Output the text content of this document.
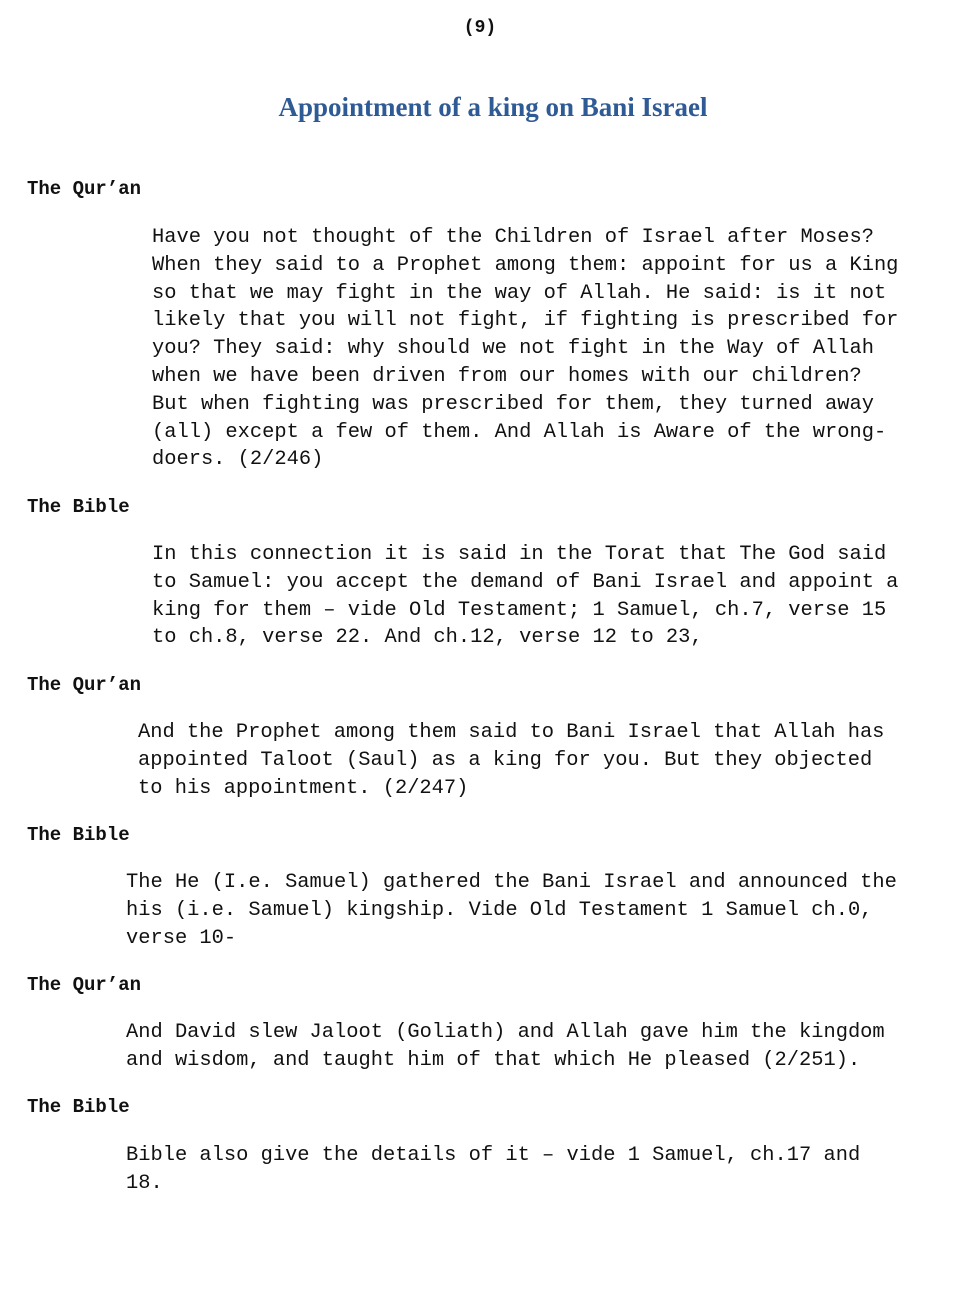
(9)
Appointment of a king on Bani Israel
The Qur’an
Have you not thought of the Children of Israel after Moses?
When they said to a Prophet among them: appoint for us a King
so that we may fight in the way of Allah. He said: is it not
likely that you will not fight, if fighting is prescribed for
you? They said: why should we not fight in the Way of Allah
when we have been driven from our homes with our children?
But when fighting was prescribed for them, they turned away
(all) except a few of them. And Allah is Aware of the wrong-
doers. (2/246)
The Bible
In this connection it is said in the Torat that The God said
to Samuel: you accept the demand of Bani Israel and appoint a
king for them – vide Old Testament; 1 Samuel, ch.7, verse 15
to ch.8, verse 22. And ch.12, verse 12 to 23,
The Qur’an
And the Prophet among them said to Bani Israel that Allah has
appointed Taloot (Saul) as a king for you. But they objected
to his appointment. (2/247)
The Bible
The He (I.e. Samuel) gathered the Bani Israel and announced the
his (i.e. Samuel) kingship. Vide Old Testament 1 Samuel ch.0,
verse 10-
The Qur’an
And David slew Jaloot (Goliath) and Allah gave him the kingdom
and wisdom, and taught him of that which He pleased (2/251).
The Bible
Bible also give the details of it – vide 1 Samuel, ch.17 and
18.
